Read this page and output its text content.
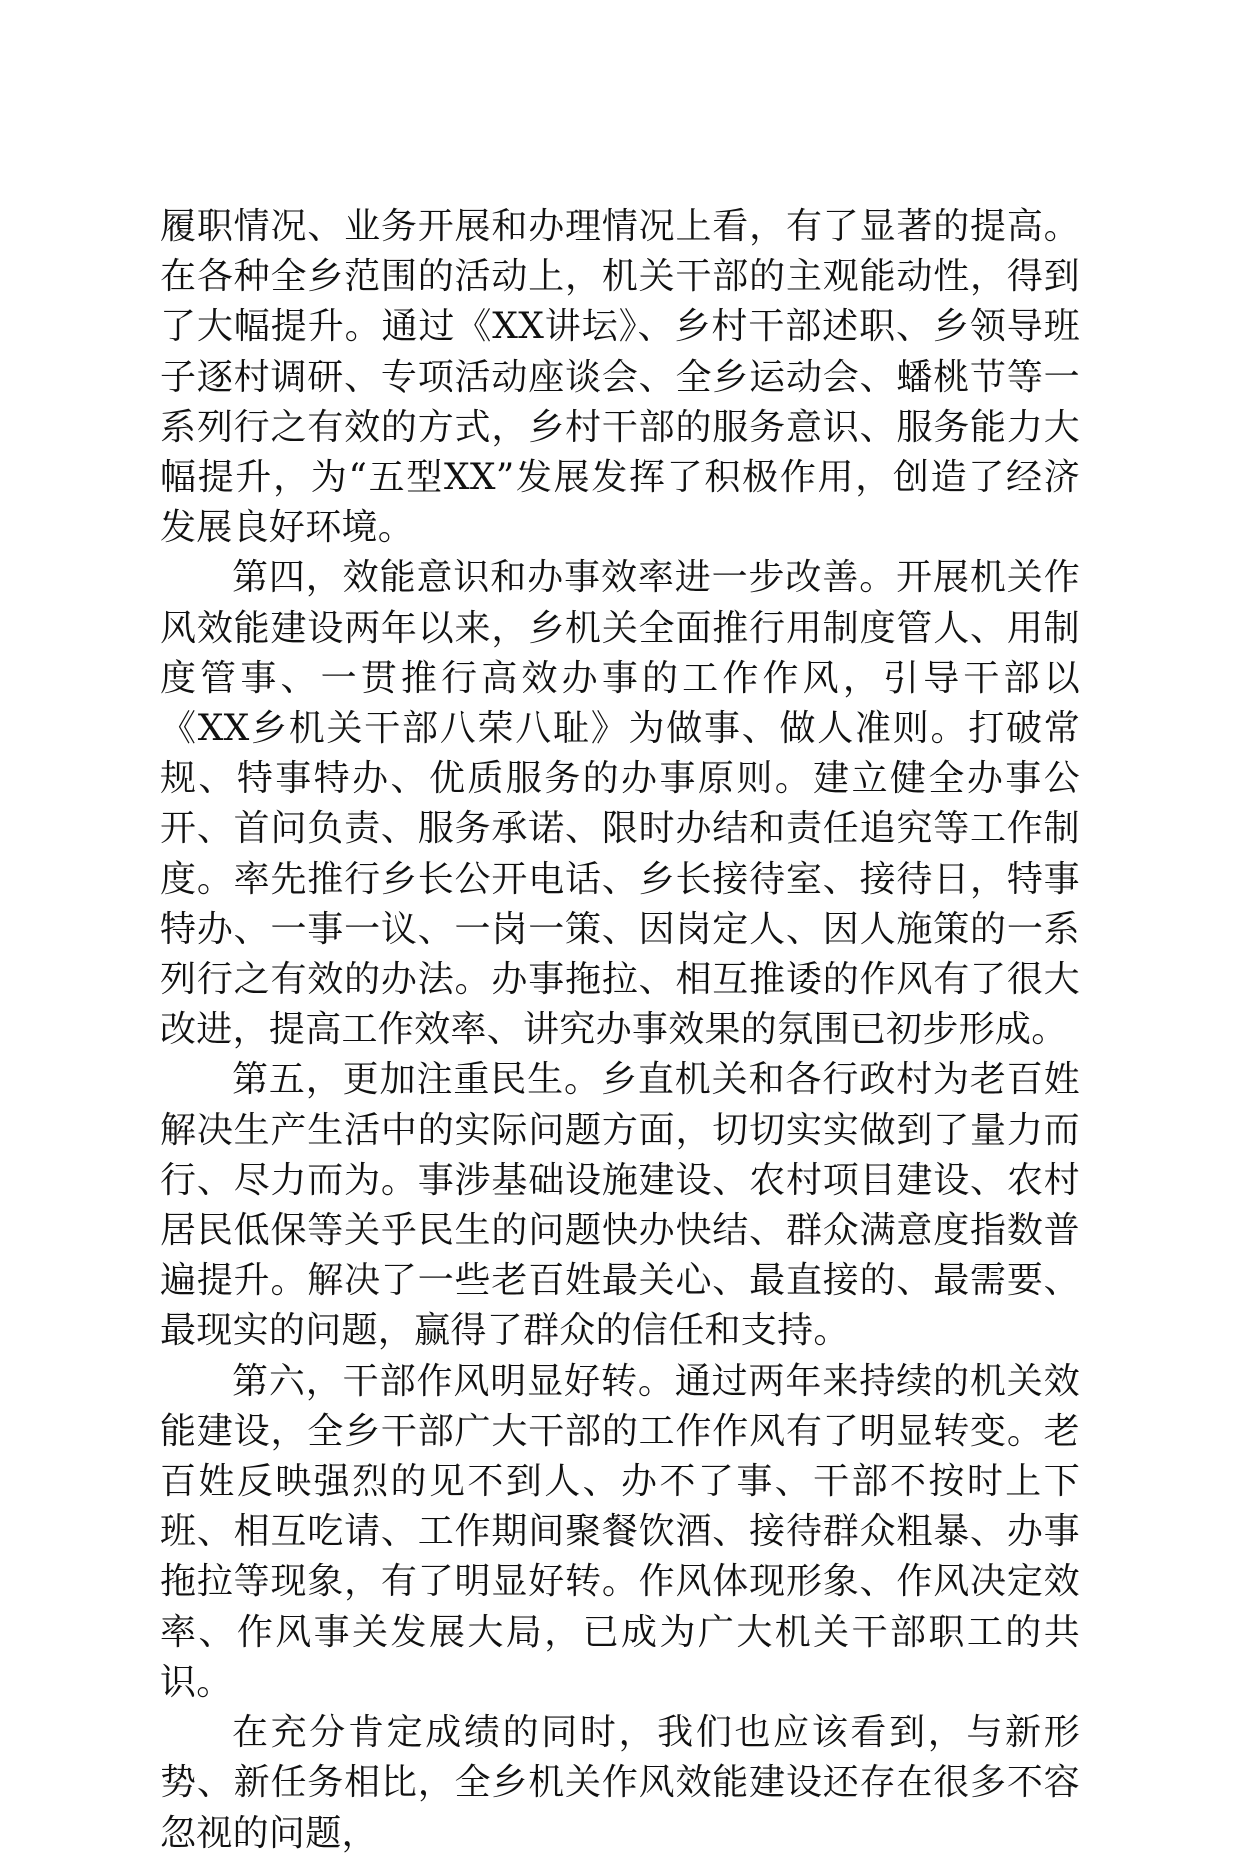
履职情况、业务开展和办理情况上看，有了显著的提高。在各种全乡范围的活动上，机关干部的主观能动性，得到了大幅提升。通过《XX讲坛》、乡村干部述职、乡领导班子逐村调研、专项活动座谈会、全乡运动会、蟠桃节等一系列行之有效的方式，乡村干部的服务意识、服务能力大幅提升，为“五型XX”发展发挥了积极作用，创造了经济发展良好环境。

第四，效能意识和办事效率进一步改善。开展机关作风效能建设两年以来，乡机关全面推行用制度管人、用制度管事、一贯推行高效办事的工作作风，引导干部以《XX乡机关干部八荣八耻》为做事、做人准则。打破常规、特事特办、优质服务的办事原则。建立健全办事公开、首问负责、服务承诺、限时办结和责任追究等工作制度。率先推行乡长公开电话、乡长接待室、接待日，特事特办、一事一议、一岗一策、因岗定人、因人施策的一系列行之有效的办法。办事拖拉、相互推诿的作风有了很大改进，提高工作效率、讲究办事效果的氛围已初步形成。

第五，更加注重民生。乡直机关和各行政村为老百姓解决生产生活中的实际问题方面，切切实实做到了量力而行、尽力而为。事涉基础设施建设、农村项目建设、农村居民低保等关乎民生的问题快办快结、群众满意度指数普遍提升。解决了一些老百姓最关心、最直接的、最需要、最现实的问题，赢得了群众的信任和支持。

第六，干部作风明显好转。通过两年来持续的机关效能建设，全乡干部广大干部的工作作风有了明显转变。老百姓反映强烈的见不到人、办不了事、干部不按时上下班、相互吃请、工作期间聚餐饮酒、接待群众粗暴、办事拖拉等现象，有了明显好转。作风体现形象、作风决定效率、作风事关发展大局，已成为广大机关干部职工的共识。

在充分肯定成绩的同时，我们也应该看到，与新形势、新任务相比，全乡机关作风效能建设还存在很多不容忽视的问题，
